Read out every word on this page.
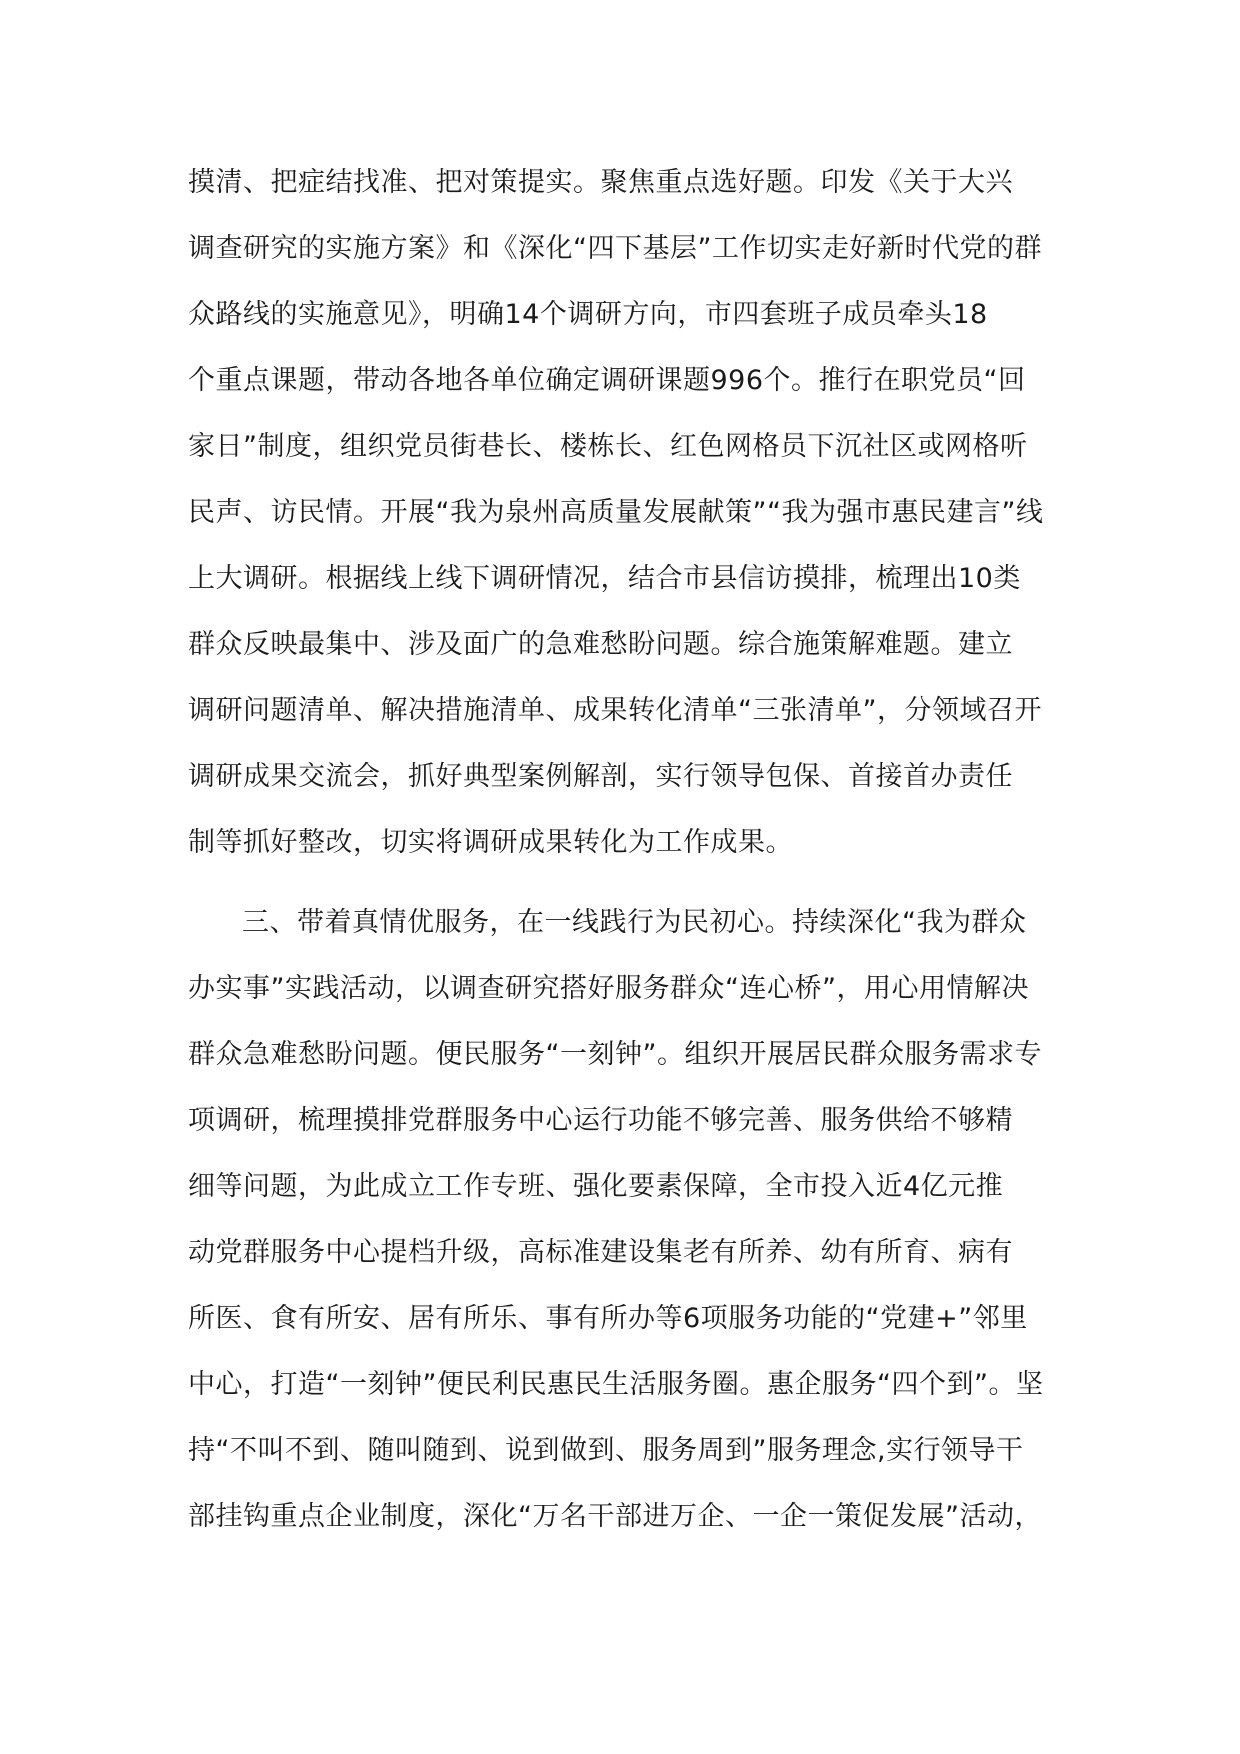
摸清、把症结找准、把对策提实。聚焦重点选好题。印发《关于大兴
调查研究的实施方案》和《深化“四下基层”工作切实走好新时代党的群
众路线的实施意见》，明确14个调研方向，市四套班子成员牵头18
个重点课题，带动各地各单位确定调研课题996个。推行在职党员“回
家日”制度，组织党员街巷长、楼栋长、红色网格员下沉社区或网格听
民声、访民情。开展“我为泉州高质量发展献策”“我为强市惠民建言”线
上大调研。根据线上线下调研情况，结合市县信访摸排，梳理出10类
群众反映最集中、涉及面广的急难愁盼问题。综合施策解难题。建立
调研问题清单、解决措施清单、成果转化清单“三张清单”，分领域召开
调研成果交流会，抓好典型案例解剖，实行领导包保、首接首办责任
制等抓好整改，切实将调研成果转化为工作成果。
三、带着真情优服务，在一线践行为民初心。持续深化“我为群众
办实事”实践活动，以调查研究搭好服务群众“连心桥”，用心用情解决
群众急难愁盼问题。便民服务“一刻钟”。组织开展居民群众服务需求专
项调研，梳理摸排党群服务中心运行功能不够完善、服务供给不够精
细等问题，为此成立工作专班、强化要素保障，全市投入近4亿元推
动党群服务中心提档升级，高标准建设集老有所养、幼有所育、病有
所医、食有所安、居有所乐、事有所办等6项服务功能的“党建+”邻里
中心，打造“一刻钟”便民利民惠民生活服务圈。惠企服务“四个到”。坚
持“不叫不到、随叫随到、说到做到、服务周到”服务理念,实行领导干
部挂钩重点企业制度，深化“万名干部进万企、一企一策促发展”活动，
